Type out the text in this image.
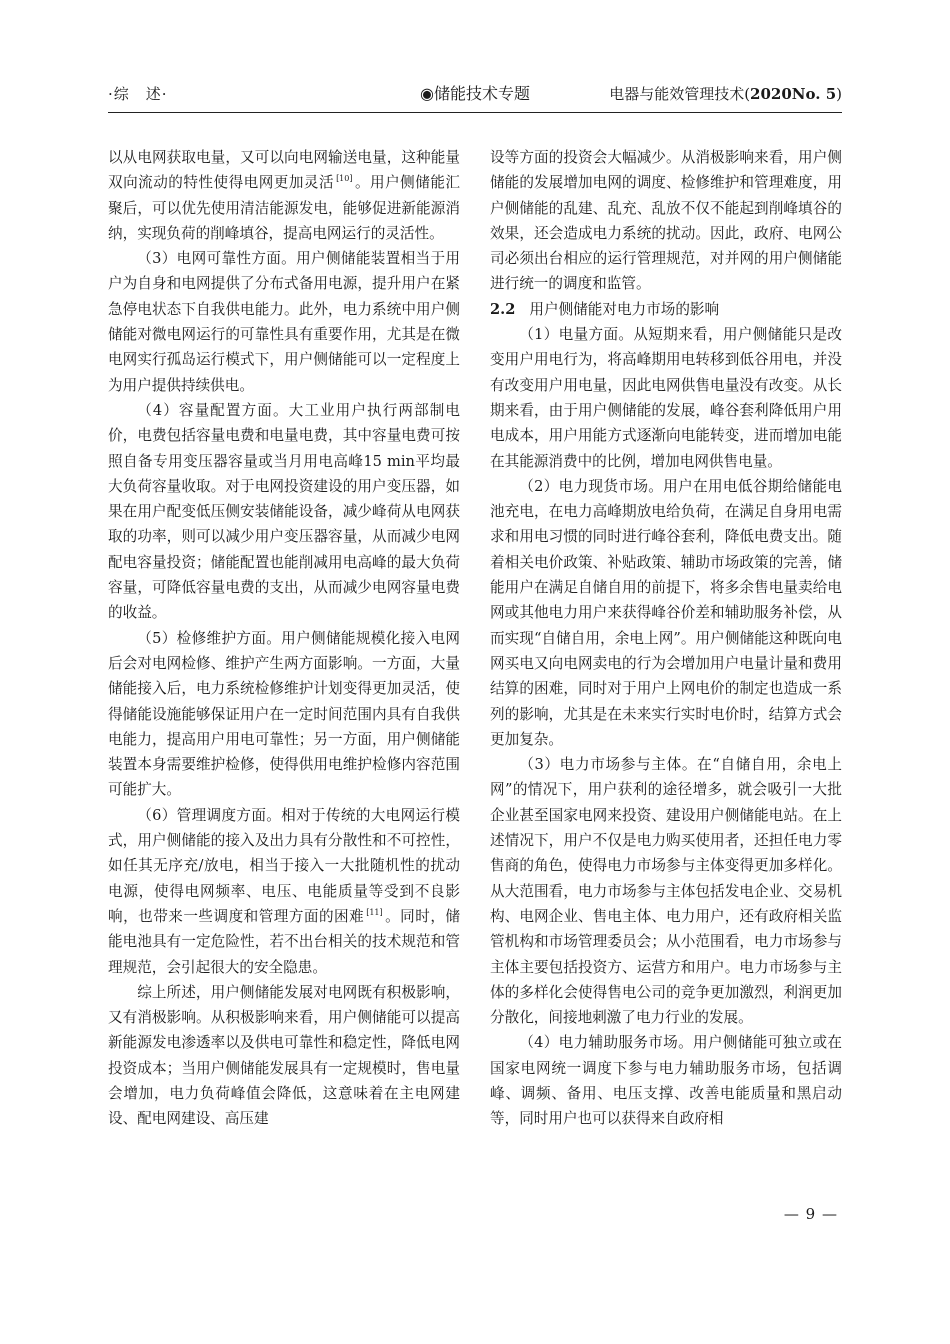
·综　述·	◉储能技术专题	电器与能效管理技术(2020No. 5)

以从电网获取电量，又可以向电网输送电量，这种能量双向流动的特性使得电网更加灵活 [10] 。用户侧储能汇聚后，可以优先使用清洁能源发电，能够促进新能源消纳，实现负荷的削峰填谷，提高电网运行的灵活性。

（3）电网可靠性方面。用户侧储能装置相当于用户为自身和电网提供了分布式备用电源，提升用户在紧急停电状态下自我供电能力。此外，电力系统中用户侧储能对微电网运行的可靠性具有重要作用，尤其是在微电网实行孤岛运行模式下，用户侧储能可以一定程度上为用户提供持续供电。

（4）容量配置方面。大工业用户执行两部制电价，电费包括容量电费和电量电费，其中容量电费可按照自备专用变压器容量或当月用电高峰15 min平均最大负荷容量收取。对于电网投资建设的用户变压器，如果在用户配变低压侧安装储能设备，减少峰荷从电网获取的功率，则可以减少用户变压器容量，从而减少电网配电容量投资；储能配置也能削减用电高峰的最大负荷容量，可降低容量电费的支出，从而减少电网容量电费的收益。

（5）检修维护方面。用户侧储能规模化接入电网后会对电网检修、维护产生两方面影响。一方面，大量储能接入后，电力系统检修维护计划变得更加灵活，使得储能设施能够保证用户在一定时间范围内具有自我供电能力，提高用户用电可靠性；另一方面，用户侧储能装置本身需要维护检修，使得供用电维护检修内容范围可能扩大。

（6）管理调度方面。相对于传统的大电网运行模式，用户侧储能的接入及出力具有分散性和不可控性，如任其无序充/放电，相当于接入一大批随机性的扰动电源，使得电网频率、电压、电能质量等受到不良影响，也带来一些调度和管理方面的困难 [11] 。同时，储能电池具有一定危险性，若不出台相关的技术规范和管理规范，会引起很大的安全隐患。

综上所述，用户侧储能发展对电网既有积极影响，又有消极影响。从积极影响来看，用户侧储能可以提高新能源发电渗透率以及供电可靠性和稳定性，降低电网投资成本；当用户侧储能发展具有一定规模时，售电量会增加，电力负荷峰值会降低，这意味着在主电网建设、配电网建设、高压建

设等方面的投资会大幅减少。从消极影响来看，用户侧储能的发展增加电网的调度、检修维护和管理难度，用户侧储能的乱建、乱充、乱放不仅不能起到削峰填谷的效果，还会造成电力系统的扰动。因此，政府、电网公司必须出台相应的运行管理规范，对并网的用户侧储能进行统一的调度和监管。

2.2 用户侧储能对电力市场的影响

（1）电量方面。从短期来看，用户侧储能只是改变用户用电行为，将高峰期用电转移到低谷用电，并没有改变用户用电量，因此电网供售电量没有改变。从长期来看，由于用户侧储能的发展，峰谷套利降低用户用电成本，用户用能方式逐渐向电能转变，进而增加电能在其能源消费中的比例，增加电网供售电量。

（2）电力现货市场。用户在用电低谷期给储能电池充电，在电力高峰期放电给负荷，在满足自身用电需求和用电习惯的同时进行峰谷套利，降低电费支出。随着相关电价政策、补贴政策、辅助市场政策的完善，储能用户在满足自储自用的前提下，将多余售电量卖给电网或其他电力用户来获得峰谷价差和辅助服务补偿，从而实现“自储自用，余电上网”。用户侧储能这种既向电网买电又向电网卖电的行为会增加用户电量计量和费用结算的困难，同时对于用户上网电价的制定也造成一系列的影响，尤其是在未来实行实时电价时，结算方式会更加复杂。

（3）电力市场参与主体。在“自储自用，余电上网”的情况下，用户获利的途径增多，就会吸引一大批企业甚至国家电网来投资、建设用户侧储能电站。在上述情况下，用户不仅是电力购买使用者，还担任电力零售商的角色，使得电力市场参与主体变得更加多样化。从大范围看，电力市场参与主体包括发电企业、交易机构、电网企业、售电主体、电力用户，还有政府相关监管机构和市场管理委员会；从小范围看，电力市场参与主体主要包括投资方、运营方和用户。电力市场参与主体的多样化会使得售电公司的竞争更加激烈，利润更加分散化，间接地刺激了电力行业的发展。

（4）电力辅助服务市场。用户侧储能可独立或在国家电网统一调度下参与电力辅助服务市场，包括调峰、调频、备用、电压支撑、改善电能质量和黑启动等，同时用户也可以获得来自政府相

— 9 —
